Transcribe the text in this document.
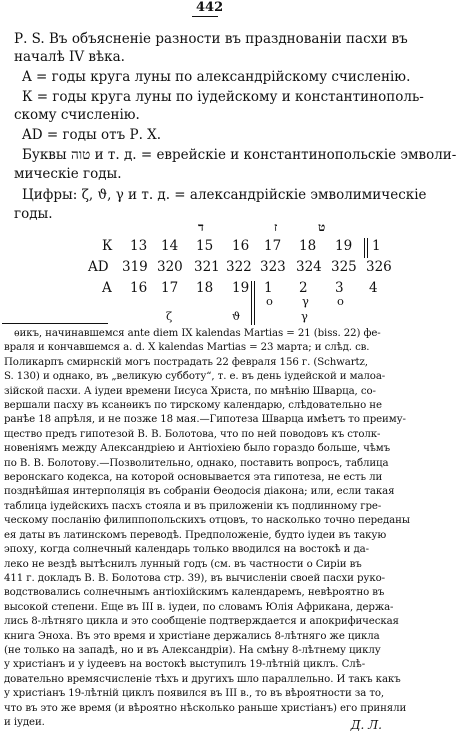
442
Р. S. Въ объясненіе разности въ празднованіи пасхи въ
началѣ IV вѣка.
A = годы круга луны по александрійскому счисленію.
К = годы круга луны по іудейскому и константинополь-
скому счисленію.
AD = годы отъ Р. X.
Буквы טוה и т. д. = еврейскіе и константинопольскіе эмволи-
мическіе годы.
Цифры: ζ, ϑ, γ и т. д. = александрійскіе эмволимическіе
годы.
ד	ז	ט
К 13 14 15 16 17 18 19 1
AD 319 320 321 322 323 324 325 326
A 16 17 18 19 1 2 3 4
ο	γ ο
ζ	ϑ	γ
ѳикъ, начинавшемся ante diem IX kalendas Martias = 21 (biss. 22) фе-
враля и кончавшемся a. d. X kalendas Martias = 23 марта; и слѣд. св.
Поликарпъ смирнскій могъ пострадать 22 февраля 156 г. (Schwartz,
S. 130) и однако, въ „великую субботу“, т. е. въ день іудейской и малоа-
зійской пасхи. А іудеи времени Іисуса Христа, по мнѣнію Шварца, со-
вершали пасху въ ксанѳикъ по тирскому календарю, слѣдовательно не
ранѣе 18 апрѣля, и не позже 18 мая.—Гипотеза Шварца имѣетъ то преиму-
щество предъ гипотезой В. В. Болотова, что по ней поводовъ къ столк-
новеніямъ между Александріею и Антіохіею было гораздо больше, чѣмъ
по В. В. Болотову.—Позволительно, однако, поставить вопросъ, таблица
веронскаго кодекса, на которой основывается эта гипотеза, не есть ли
позднѣйшая интерполяція въ собраніи Ѳеодосія діакона; или, если такая
таблица іудейскихъ пасхъ стояла и въ приложеніи къ подлинному гре-
ческому посланію филиппопольскихъ отцовъ, то насколько точно переданы
ея даты въ латинскомъ переводѣ. Предположеніе, будто іудеи въ такую
эпоху, когда солнечный календарь только вводился на востокѣ и да-
леко не вездѣ вытѣснилъ лунный годъ (см. въ частности о Сиріи въ
411 г. докладъ В. В. Болотова стр. 39), въ вычисленіи своей пасхи руко-
водствовались солнечнымъ антіохійскимъ календаремъ, невѣроятно въ
высокой степени. Еще въ III в. іудеи, по словамъ Юлія Африкана, держа-
лись 8-лѣтняго цикла и это сообщеніе подтверждается и апокрифическая
книга Эноха. Въ это время и христіане держались 8-лѣтняго же цикла
(не только на западѣ, но и въ Александріи). На смѣну 8-лѣтнему циклу
у христіанъ и у іудеевъ на востокѣ выступилъ 19-лѣтній циклъ. Слѣ-
довательно времясчисленіе тѣхъ и другихъ шло параллельно. И такъ какъ
у христіанъ 19-лѣтній циклъ появился въ III в., то въ вѣроятности за то,
что въ это же время (и вѣроятно нѣсколько раньше христіанъ) его приняли
и іудеи.	Д. Л.
